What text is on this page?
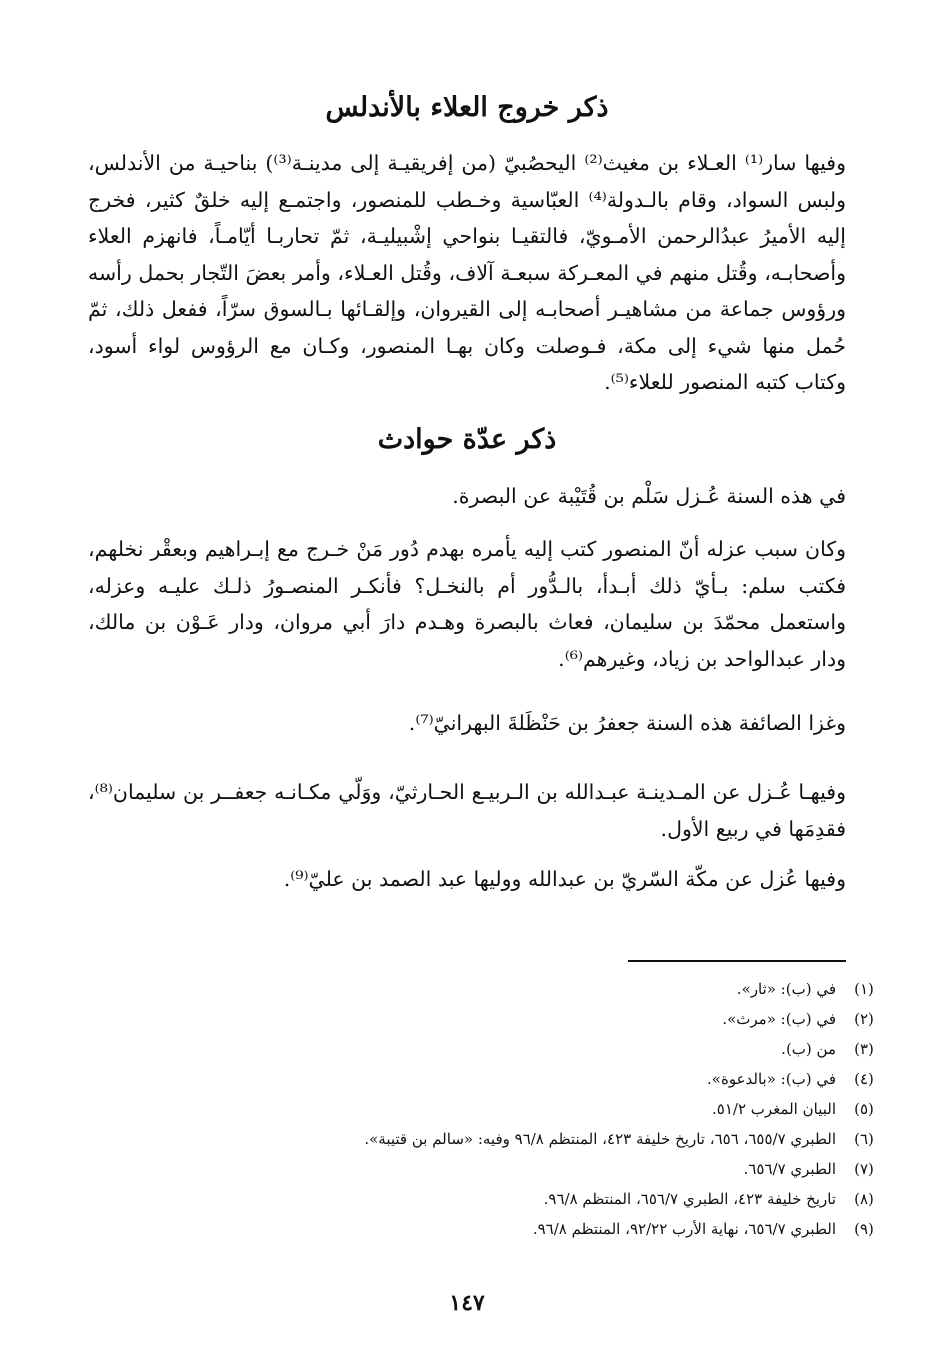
ذكر خروج العلاء بالأندلس

وفيها سار⁽¹⁾ العـلاء بن مغيث⁽²⁾ اليحصُبيّ (من إفريقيـة إلى مدينـة⁽³⁾) بناحيـة من الأندلس، ولبس السواد، وقام بالـدولة⁽⁴⁾ العبّاسية وخـطب للمنصور، واجتمـع إليه خلقٌ كثير، فخرج إليه الأميرُ عبدُالرحمن الأمـويّ، فالتقيـا بنواحي إشْبيليـة، ثمّ تحاربـا أيّامـاً، فانهزم العلاء وأصحابـه، وقُتل منهم في المعـركة سبعـة آلاف، وقُتل العـلاء، وأمر بعضَ التّجار بحمل رأسه ورؤوس جماعة من مشاهيـر أصحابـه إلى القيروان، وإلقـائها بـالسوق سرّاً، ففعل ذلك، ثمّ حُمل منها شيء إلى مكة، فـوصلت وكان بهـا المنصور، وكـان مع الرؤوس لواء أسود، وكتاب كتبه المنصور للعلاء⁽⁵⁾.

ذكر عدّة حوادث

في هذه السنة عُـزل سَلْم بن قُتَيْبة عن البصرة.

وكان سبب عزله أنّ المنصور كتب إليه يأمره بهدم دُور مَنْ خـرج مع إبـراهيم وبعقْر نخلهم، فكتب سلم: بـأيّ ذلك أبـدأ، بالـدُّور أم بالنخـل؟ فأنكـر المنصـورُ ذلـك عليـه وعزله، واستعمل محمّدَ بن سليمان، فعاث بالبصرة وهـدم دارَ أبي مروان، ودار عَـوْن بن مالك، ودار عبدالواحد بن زياد، وغيرهم⁽⁶⁾.

وغزا الصائفة هذه السنة جعفرُ بن حَنْظَلةَ البهرانيّ⁽⁷⁾.

وفيهـا عُـزل عن المـدينـة عبـدالله بن الـربيـع الحـارثيّ، ووَلّي مكـانـه جعفــر بن سليمان⁽⁸⁾، فقدِمَها في ربيع الأول.

وفيها عُزل عن مكّة السّريّ بن عبدالله ووليها عبد الصمد بن عليّ⁽⁹⁾.

(١)
في (ب): «ثار».
(٢)
في (ب): «مرث».
(٣)
من (ب).
(٤)
في (ب): «بالدعوة».
(٥)
البيان المغرب ٥١/٢.
(٦)
الطبري ٦٥٥/٧، ٦٥٦، تاريخ خليفة ٤٢٣، المنتظم ٩٦/٨ وفيه: «سالم بن قتيبة».
(٧)
الطبري ٦٥٦/٧.
(٨)
تاريخ خليفة ٤٢٣، الطبري ٦٥٦/٧، المنتظم ٩٦/٨.
(٩)
الطبري ٦٥٦/٧، نهاية الأرب ٩٢/٢٢، المنتظم ٩٦/٨.
١٤٧
